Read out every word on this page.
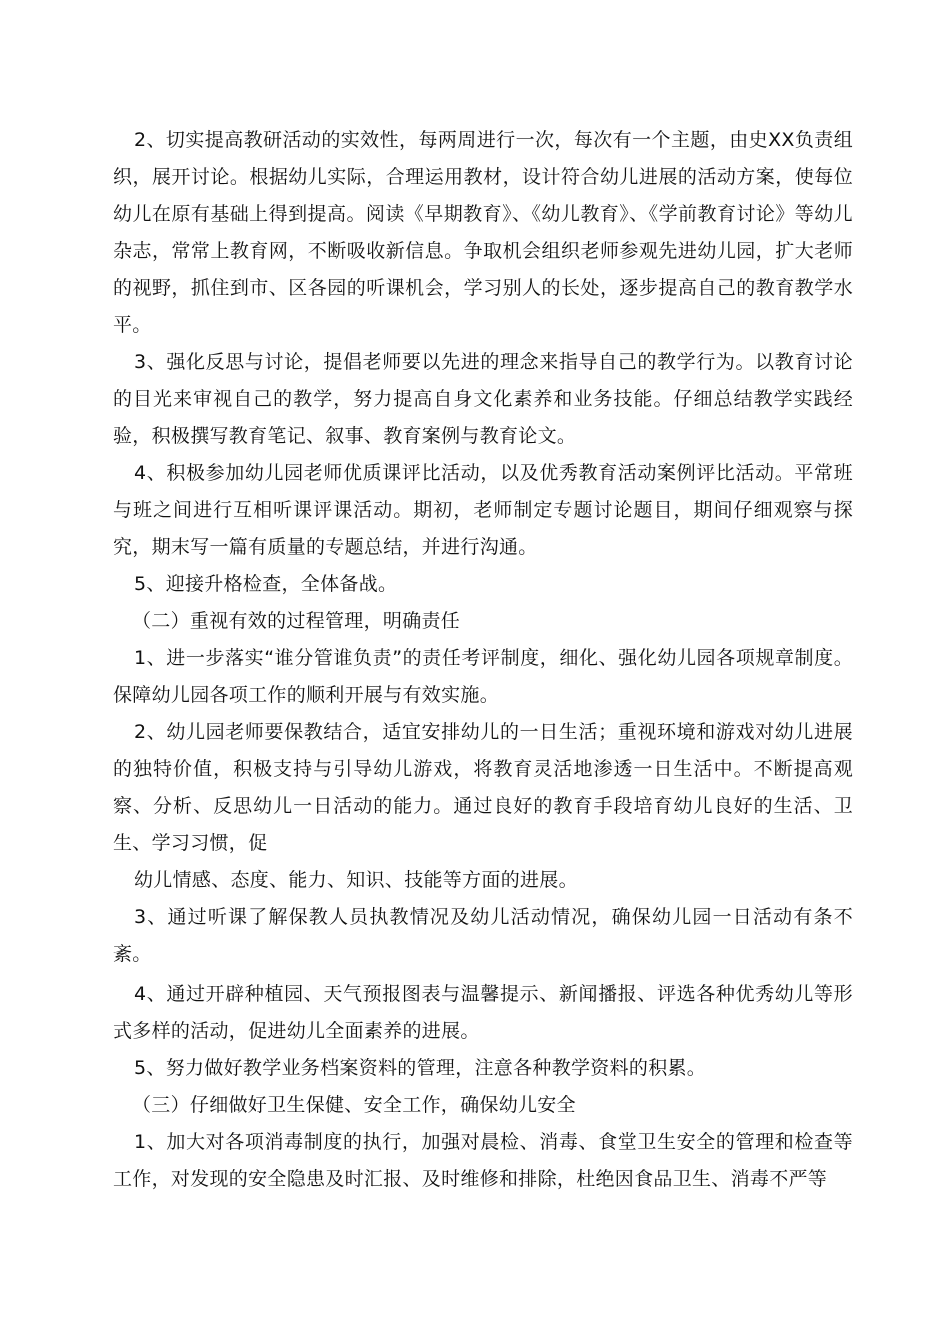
2、切实提高教研活动的实效性，每两周进行一次，每次有一个主题，由史XX负责组织，展开讨论。根据幼儿实际，合理运用教材，设计符合幼儿进展的活动方案，使每位幼儿在原有基础上得到提高。阅读《早期教育》、《幼儿教育》、《学前教育讨论》等幼儿杂志，常常上教育网，不断吸收新信息。争取机会组织老师参观先进幼儿园，扩大老师的视野，抓住到市、区各园的听课机会，学习别人的长处，逐步提高自己的教育教学水平。

3、强化反思与讨论，提倡老师要以先进的理念来指导自己的教学行为。以教育讨论的目光来审视自己的教学，努力提高自身文化素养和业务技能。仔细总结教学实践经验，积极撰写教育笔记、叙事、教育案例与教育论文。

4、积极参加幼儿园老师优质课评比活动，以及优秀教育活动案例评比活动。平常班与班之间进行互相听课评课活动。期初，老师制定专题讨论题目，期间仔细观察与探究，期末写一篇有质量的专题总结，并进行沟通。

5、迎接升格检查，全体备战。

（二）重视有效的过程管理，明确责任

1、进一步落实“谁分管谁负责”的责任考评制度，细化、强化幼儿园各项规章制度。保障幼儿园各项工作的顺利开展与有效实施。

2、幼儿园老师要保教结合，适宜安排幼儿的一日生活；重视环境和游戏对幼儿进展的独特价值，积极支持与引导幼儿游戏，将教育灵活地渗透一日生活中。不断提高观察、分析、反思幼儿一日活动的能力。通过良好的教育手段培育幼儿良好的生活、卫生、学习习惯，促

幼儿情感、态度、能力、知识、技能等方面的进展。

3、通过听课了解保教人员执教情况及幼儿活动情况，确保幼儿园一日活动有条不紊。

4、通过开辟种植园、天气预报图表与温馨提示、新闻播报、评选各种优秀幼儿等形式多样的活动，促进幼儿全面素养的进展。

5、努力做好教学业务档案资料的管理，注意各种教学资料的积累。

（三）仔细做好卫生保健、安全工作，确保幼儿安全

1、加大对各项消毒制度的执行，加强对晨检、消毒、食堂卫生安全的管理和检查等工作，对发现的安全隐患及时汇报、及时维修和排除，杜绝因食品卫生、消毒不严等
